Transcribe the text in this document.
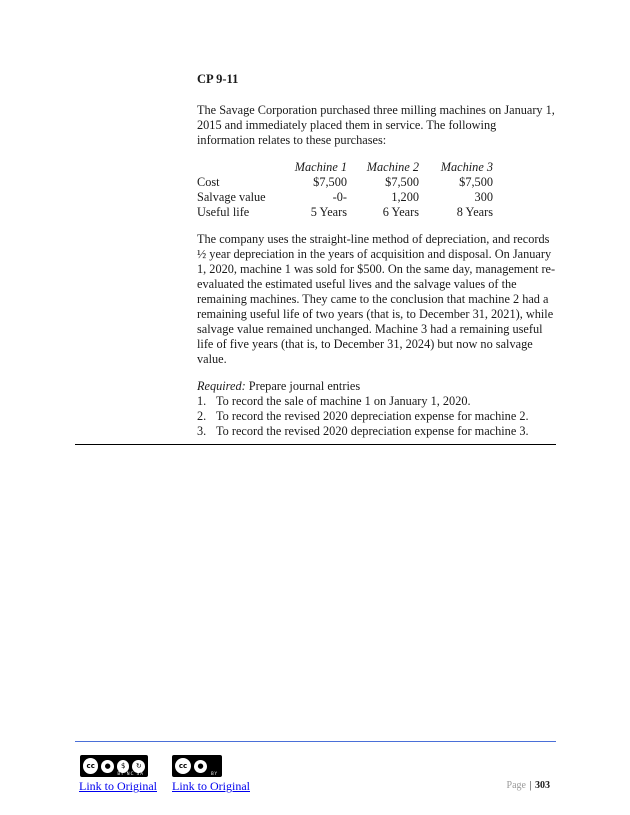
CP 9-11

The Savage Corporation purchased three milling machines on January 1, 2015 and immediately placed them in service. The following information relates to these purchases:

	Machine 1	Machine 2	Machine 3
Cost	$7,500	$7,500	$7,500
Salvage value	-0-	1,200	300
Useful life	5 Years	6 Years	8 Years

The company uses the straight-line method of depreciation, and records ½ year depreciation in the years of acquisition and disposal. On January 1, 2020, machine 1 was sold for $500. On the same day, management re-evaluated the estimated useful lives and the salvage values of the remaining machines. They came to the conclusion that machine 2 had a remaining useful life of two years (that is, to December 31, 2021), while salvage value remained unchanged. Machine 3 had a remaining useful life of five years (that is, to December 31, 2024) but now no salvage value.

Required: Prepare journal entries

1. To record the sale of machine 1 on January 1, 2020.
2. To record the revised 2020 depreciation expense for machine 2.
3. To record the revised 2020 depreciation expense for machine 3.
cc	●	$	↻
BY NC SA
cc	●
BY
Link to Original Link to Original	Page | 303
